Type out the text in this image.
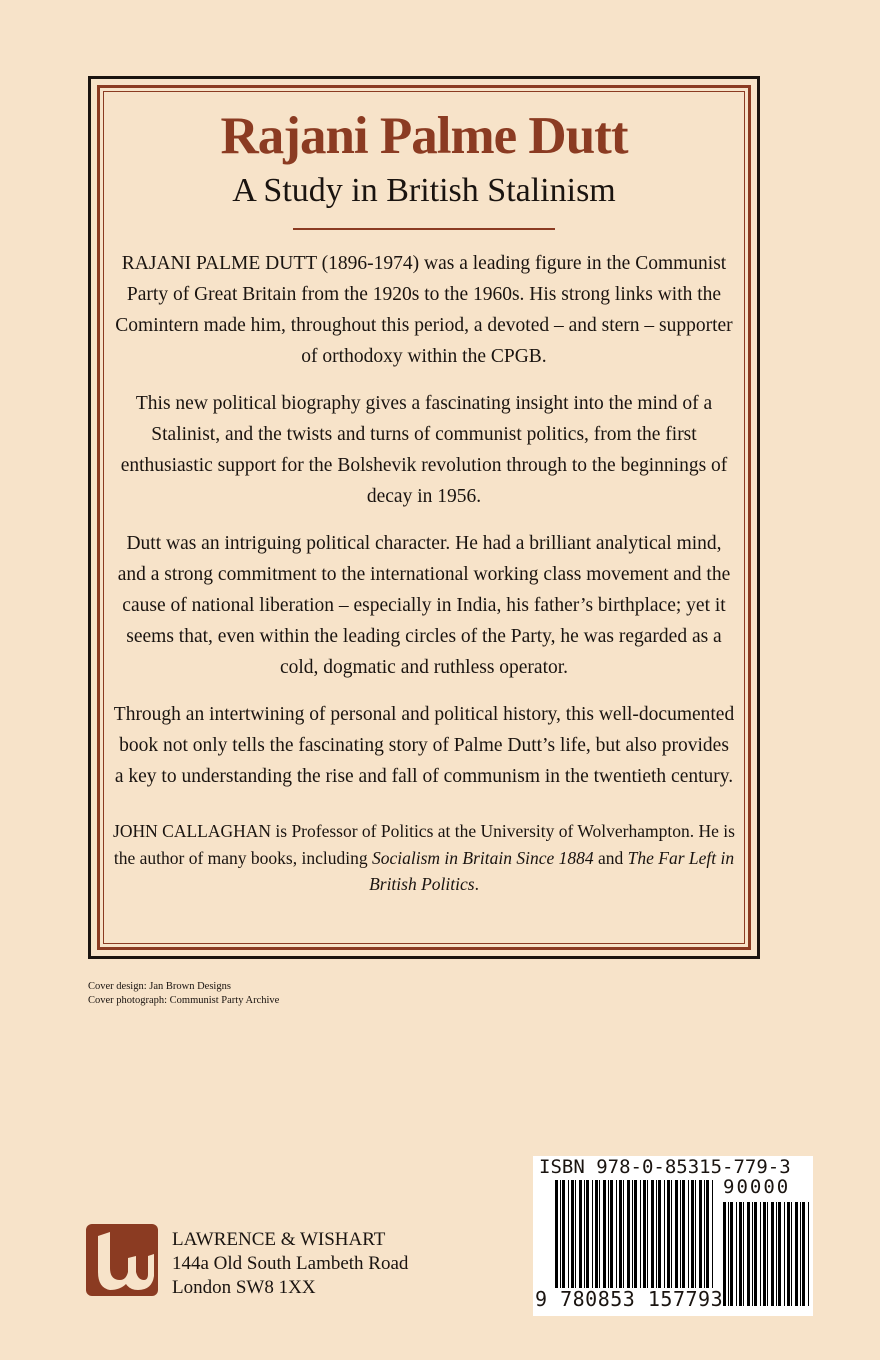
Rajani Palme Dutt
A Study in British Stalinism

RAJANI PALME DUTT (1896-1974) was a leading figure in the Communist Party of Great Britain from the 1920s to the 1960s. His strong links with the Comintern made him, throughout this period, a devoted – and stern – supporter of orthodoxy within the CPGB.

This new political biography gives a fascinating insight into the mind of a Stalinist, and the twists and turns of communist politics, from the first enthusiastic support for the Bolshevik revolution through to the beginnings of decay in 1956.

Dutt was an intriguing political character. He had a brilliant analytical mind, and a strong commitment to the international working class movement and the cause of national liberation – especially in India, his father’s birthplace; yet it seems that, even within the leading circles of the Party, he was regarded as a cold, dogmatic and ruthless operator.

Through an intertwining of personal and political history, this well-documented book not only tells the fascinating story of Palme Dutt’s life, but also provides a key to understanding the rise and fall of communism in the twentieth century.

JOHN CALLAGHAN is Professor of Politics at the University of Wolverhampton. He is the author of many books, including Socialism in Britain Since 1884 and The Far Left in British Politics.

Cover design: Jan Brown Designs
Cover photograph: Communist Party Archive
LAWRENCE & WISHART
144a Old South Lambeth Road
London SW8 1XX
ISBN 978-0-85315-779-3
90000
9 780853 157793
